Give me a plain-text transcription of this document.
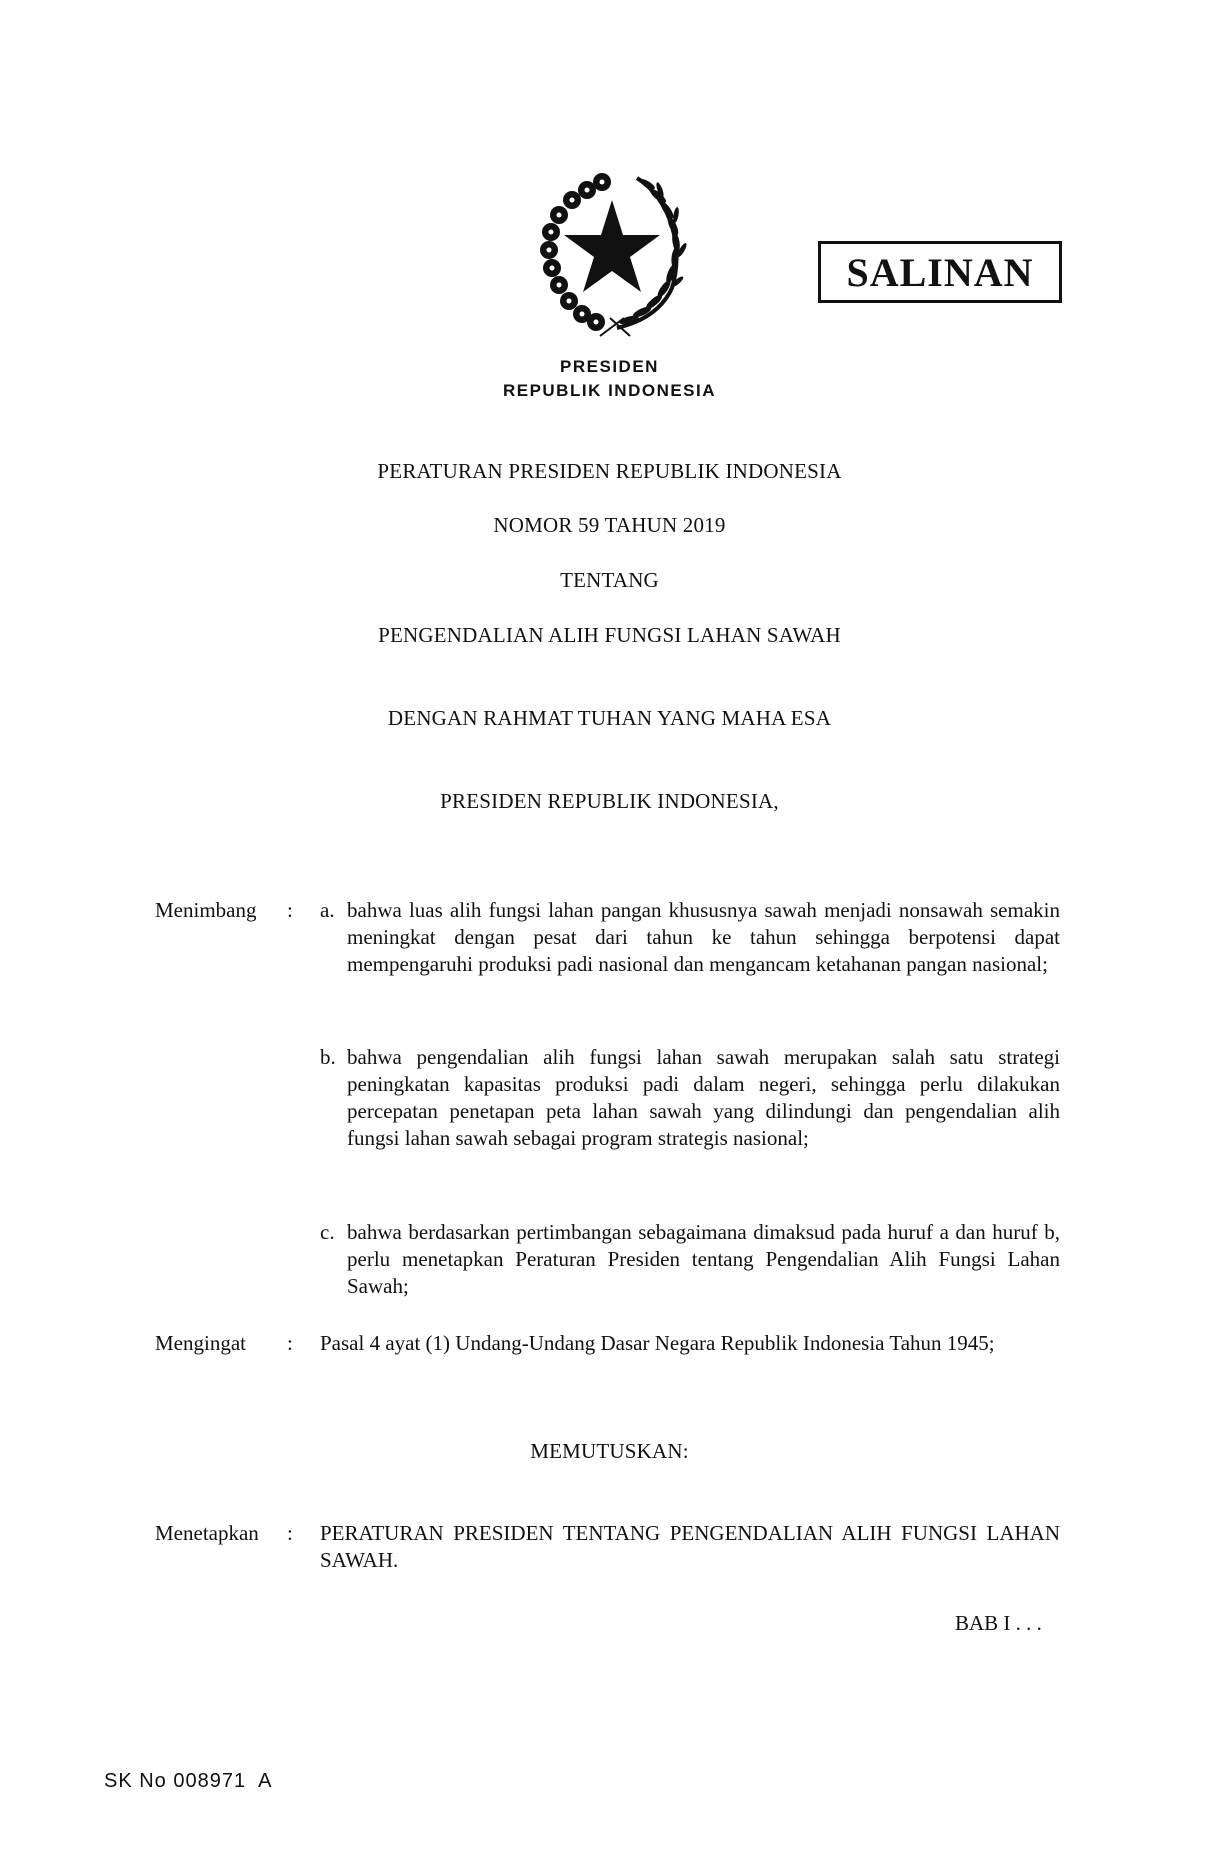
SALINAN
PRESIDEN
REPUBLIK INDONESIA
PERATURAN PRESIDEN REPUBLIK INDONESIA
NOMOR 59 TAHUN 2019
TENTANG
PENGENDALIAN ALIH FUNGSI LAHAN SAWAH
DENGAN RAHMAT TUHAN YANG MAHA ESA
PRESIDEN REPUBLIK INDONESIA,
Menimbang : a. bahwa luas alih fungsi lahan pangan khususnya sawah menjadi nonsawah semakin meningkat dengan pesat dari tahun ke tahun sehingga berpotensi dapat mempengaruhi produksi padi nasional dan mengancam ketahanan pangan nasional;
b. bahwa pengendalian alih fungsi lahan sawah merupakan salah satu strategi peningkatan kapasitas produksi padi dalam negeri, sehingga perlu dilakukan percepatan penetapan peta lahan sawah yang dilindungi dan pengendalian alih fungsi lahan sawah sebagai program strategis nasional;
c. bahwa berdasarkan pertimbangan sebagaimana dimaksud pada huruf a dan huruf b, perlu menetapkan Peraturan Presiden tentang Pengendalian Alih Fungsi Lahan Sawah;
Mengingat : Pasal 4 ayat (1) Undang-Undang Dasar Negara Republik Indonesia Tahun 1945;
MEMUTUSKAN:
Menetapkan : PERATURAN PRESIDEN TENTANG PENGENDALIAN ALIH FUNGSI LAHAN SAWAH.
BAB I . . .
SK No 008971  A
